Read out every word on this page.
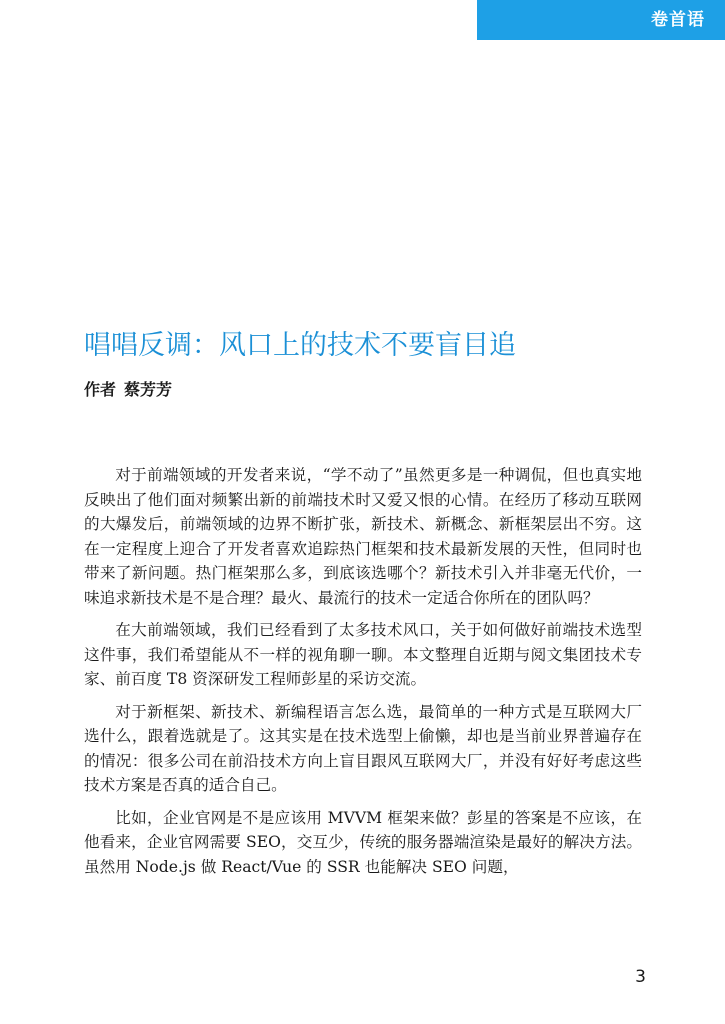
卷首语
唱唱反调：风口上的技术不要盲目追
作者 蔡芳芳

对于前端领域的开发者来说，“学不动了”虽然更多是一种调侃，但也真实地反映出了他们面对频繁出新的前端技术时又爱又恨的心情。在经历了移动互联网的大爆发后，前端领域的边界不断扩张，新技术、新概念、新框架层出不穷。这在一定程度上迎合了开发者喜欢追踪热门框架和技术最新发展的天性，但同时也带来了新问题。热门框架那么多，到底该选哪个？新技术引入并非毫无代价，一味追求新技术是不是合理？最火、最流行的技术一定适合你所在的团队吗？

在大前端领域，我们已经看到了太多技术风口，关于如何做好前端技术选型这件事，我们希望能从不一样的视角聊一聊。本文整理自近期与阅文集团技术专家、前百度 T8 资深研发工程师彭星的采访交流。

对于新框架、新技术、新编程语言怎么选，最简单的一种方式是互联网大厂选什么，跟着选就是了。这其实是在技术选型上偷懒，却也是当前业界普遍存在的情况：很多公司在前沿技术方向上盲目跟风互联网大厂，并没有好好考虑这些技术方案是否真的适合自己。

比如，企业官网是不是应该用 MVVM 框架来做？彭星的答案是不应该，在他看来，企业官网需要 SEO，交互少，传统的服务器端渲染是最好的解决方法。虽然用 Node.js 做 React/Vue 的 SSR 也能解决 SEO 问题，

3
